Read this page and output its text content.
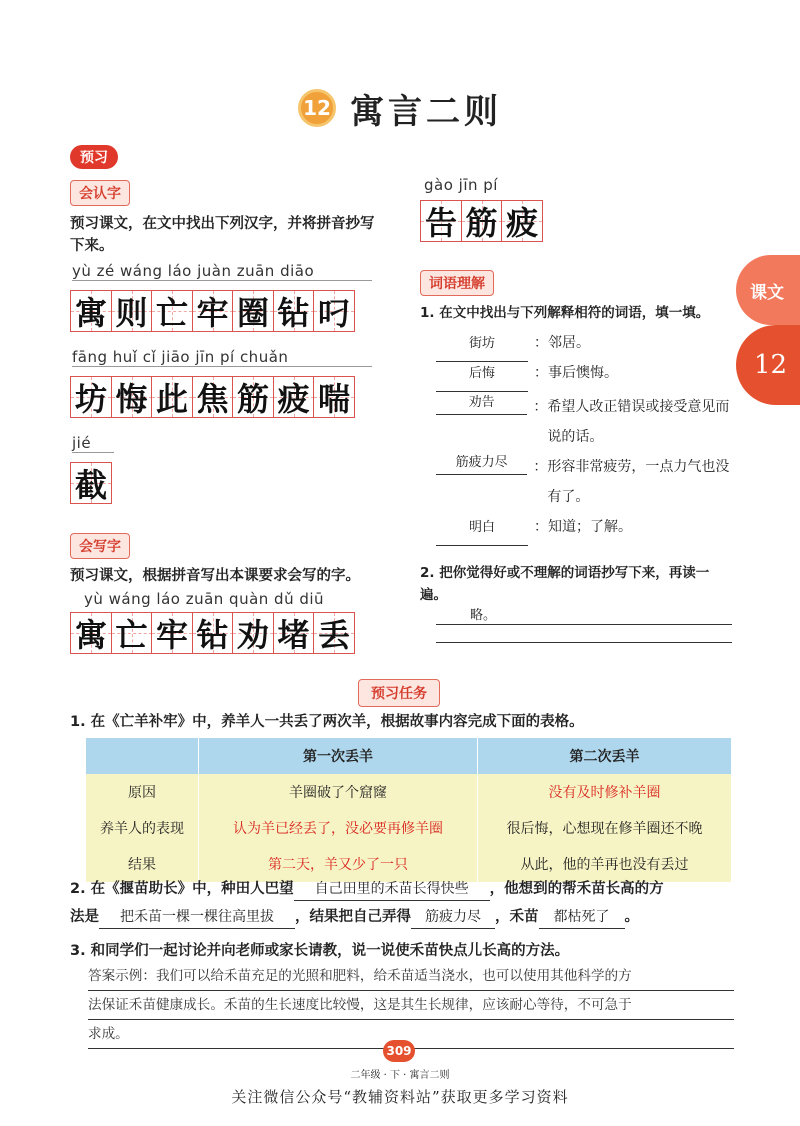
12 寓言二则
课文
12
预习
会认字
预习课文，在文中找出下列汉字，并将拼音抄写下来。
yù zé wáng láo juàn zuān diāo
寓 则 亡 牢 圈 钻 叼
fāng huǐ cǐ jiāo jīn pí chuǎn
坊 悔 此 焦 筋 疲 喘
jié
截
gào jīn pí
告 筋 疲
会写字
预习课文，根据拼音写出本课要求会写的字。
yù wáng láo zuān quàn dǔ diū
寓 亡 牢 钻 劝 堵 丢
词语理解
1. 在文中找出与下列解释相符的词语，填一填。
街坊	： 邻居。
后悔	： 事后懊悔。
劝告	： 希望人改正错误或接受意见而说的话。
筋疲力尽	： 形容非常疲劳，一点力气也没有了。
明白	： 知道；了解。
2. 把你觉得好或不理解的词语抄写下来，再读一遍。
略。
预习任务
1. 在《亡羊补牢》中，养羊人一共丢了两次羊，根据故事内容完成下面的表格。
	第一次丢羊	第二次丢羊
原因	羊圈破了个窟窿	没有及时修补羊圈
养羊人的表现	认为羊已经丢了，没必要再修羊圈	很后悔，心想现在修羊圈还不晚
结果	第二天，羊又少了一只	从此，他的羊再也没有丢过
2. 在《揠苗助长》中，种田人巴望 自己田里的禾苗长得快些 ，他想到的帮禾苗长高的方
法是 把禾苗一棵一棵往高里拔 ，结果把自己弄得 筋疲力尽 ，禾苗 都枯死了 。
3. 和同学们一起讨论并向老师或家长请教，说一说使禾苗快点儿长高的方法。
答案示例：我们可以给禾苗充足的光照和肥料，给禾苗适当浇水，也可以使用其他科学的方
法保证禾苗健康成长。禾苗的生长速度比较慢，这是其生长规律，应该耐心等待，不可急于
求成。
309
二年级 · 下 · 寓言二则
关注微信公众号“教辅资料站”获取更多学习资料
